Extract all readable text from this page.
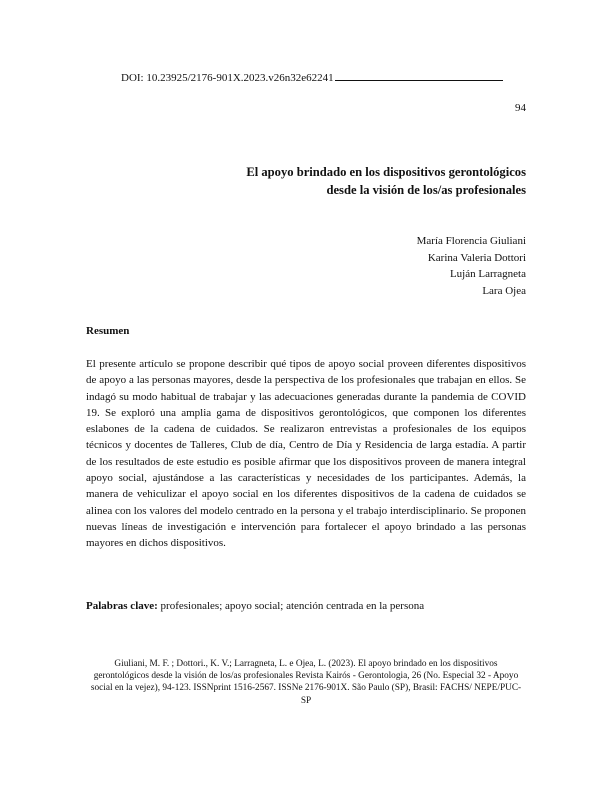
DOI: 10.23925/2176-901X.2023.v26n32e62241
94
El apoyo brindado en los dispositivos gerontológicos
desde la visión de los/as profesionales
María Florencia Giuliani
Karina Valeria Dottori
Luján Larragneta
Lara Ojea
Resumen

El presente artículo se propone describir qué tipos de apoyo social proveen diferentes dispositivos de apoyo a las personas mayores, desde la perspectiva de los profesionales que trabajan en ellos. Se indagó su modo habitual de trabajar y las adecuaciones generadas durante la pandemia de COVID 19. Se exploró una amplia gama de dispositivos gerontológicos, que componen los diferentes eslabones de la cadena de cuidados. Se realizaron entrevistas a profesionales de los equipos técnicos y docentes de Talleres, Club de día, Centro de Día y Residencia de larga estadía. A partir de los resultados de este estudio es posible afirmar que los dispositivos proveen de manera integral apoyo social, ajustándose a las características y necesidades de los participantes. Además, la manera de vehiculizar el apoyo social en los diferentes dispositivos de la cadena de cuidados se alinea con los valores del modelo centrado en la persona y el trabajo interdisciplinario. Se proponen nuevas líneas de investigación e intervención para fortalecer el apoyo brindado a las personas mayores en dichos dispositivos.

Palabras clave: profesionales; apoyo social; atención centrada en la persona

Giuliani, M. F. ; Dottori., K. V.; Larragneta, L. e Ojea, L. (2023). El apoyo brindado en los dispositivos gerontológicos desde la visión de los/as profesionales Revista Kairós - Gerontologia, 26 (No. Especial 32 - Apoyo social en la vejez), 94-123. ISSNprint 1516-2567. ISSNe 2176-901X. São Paulo (SP), Brasil: FACHS/ NEPE/PUC-SP
